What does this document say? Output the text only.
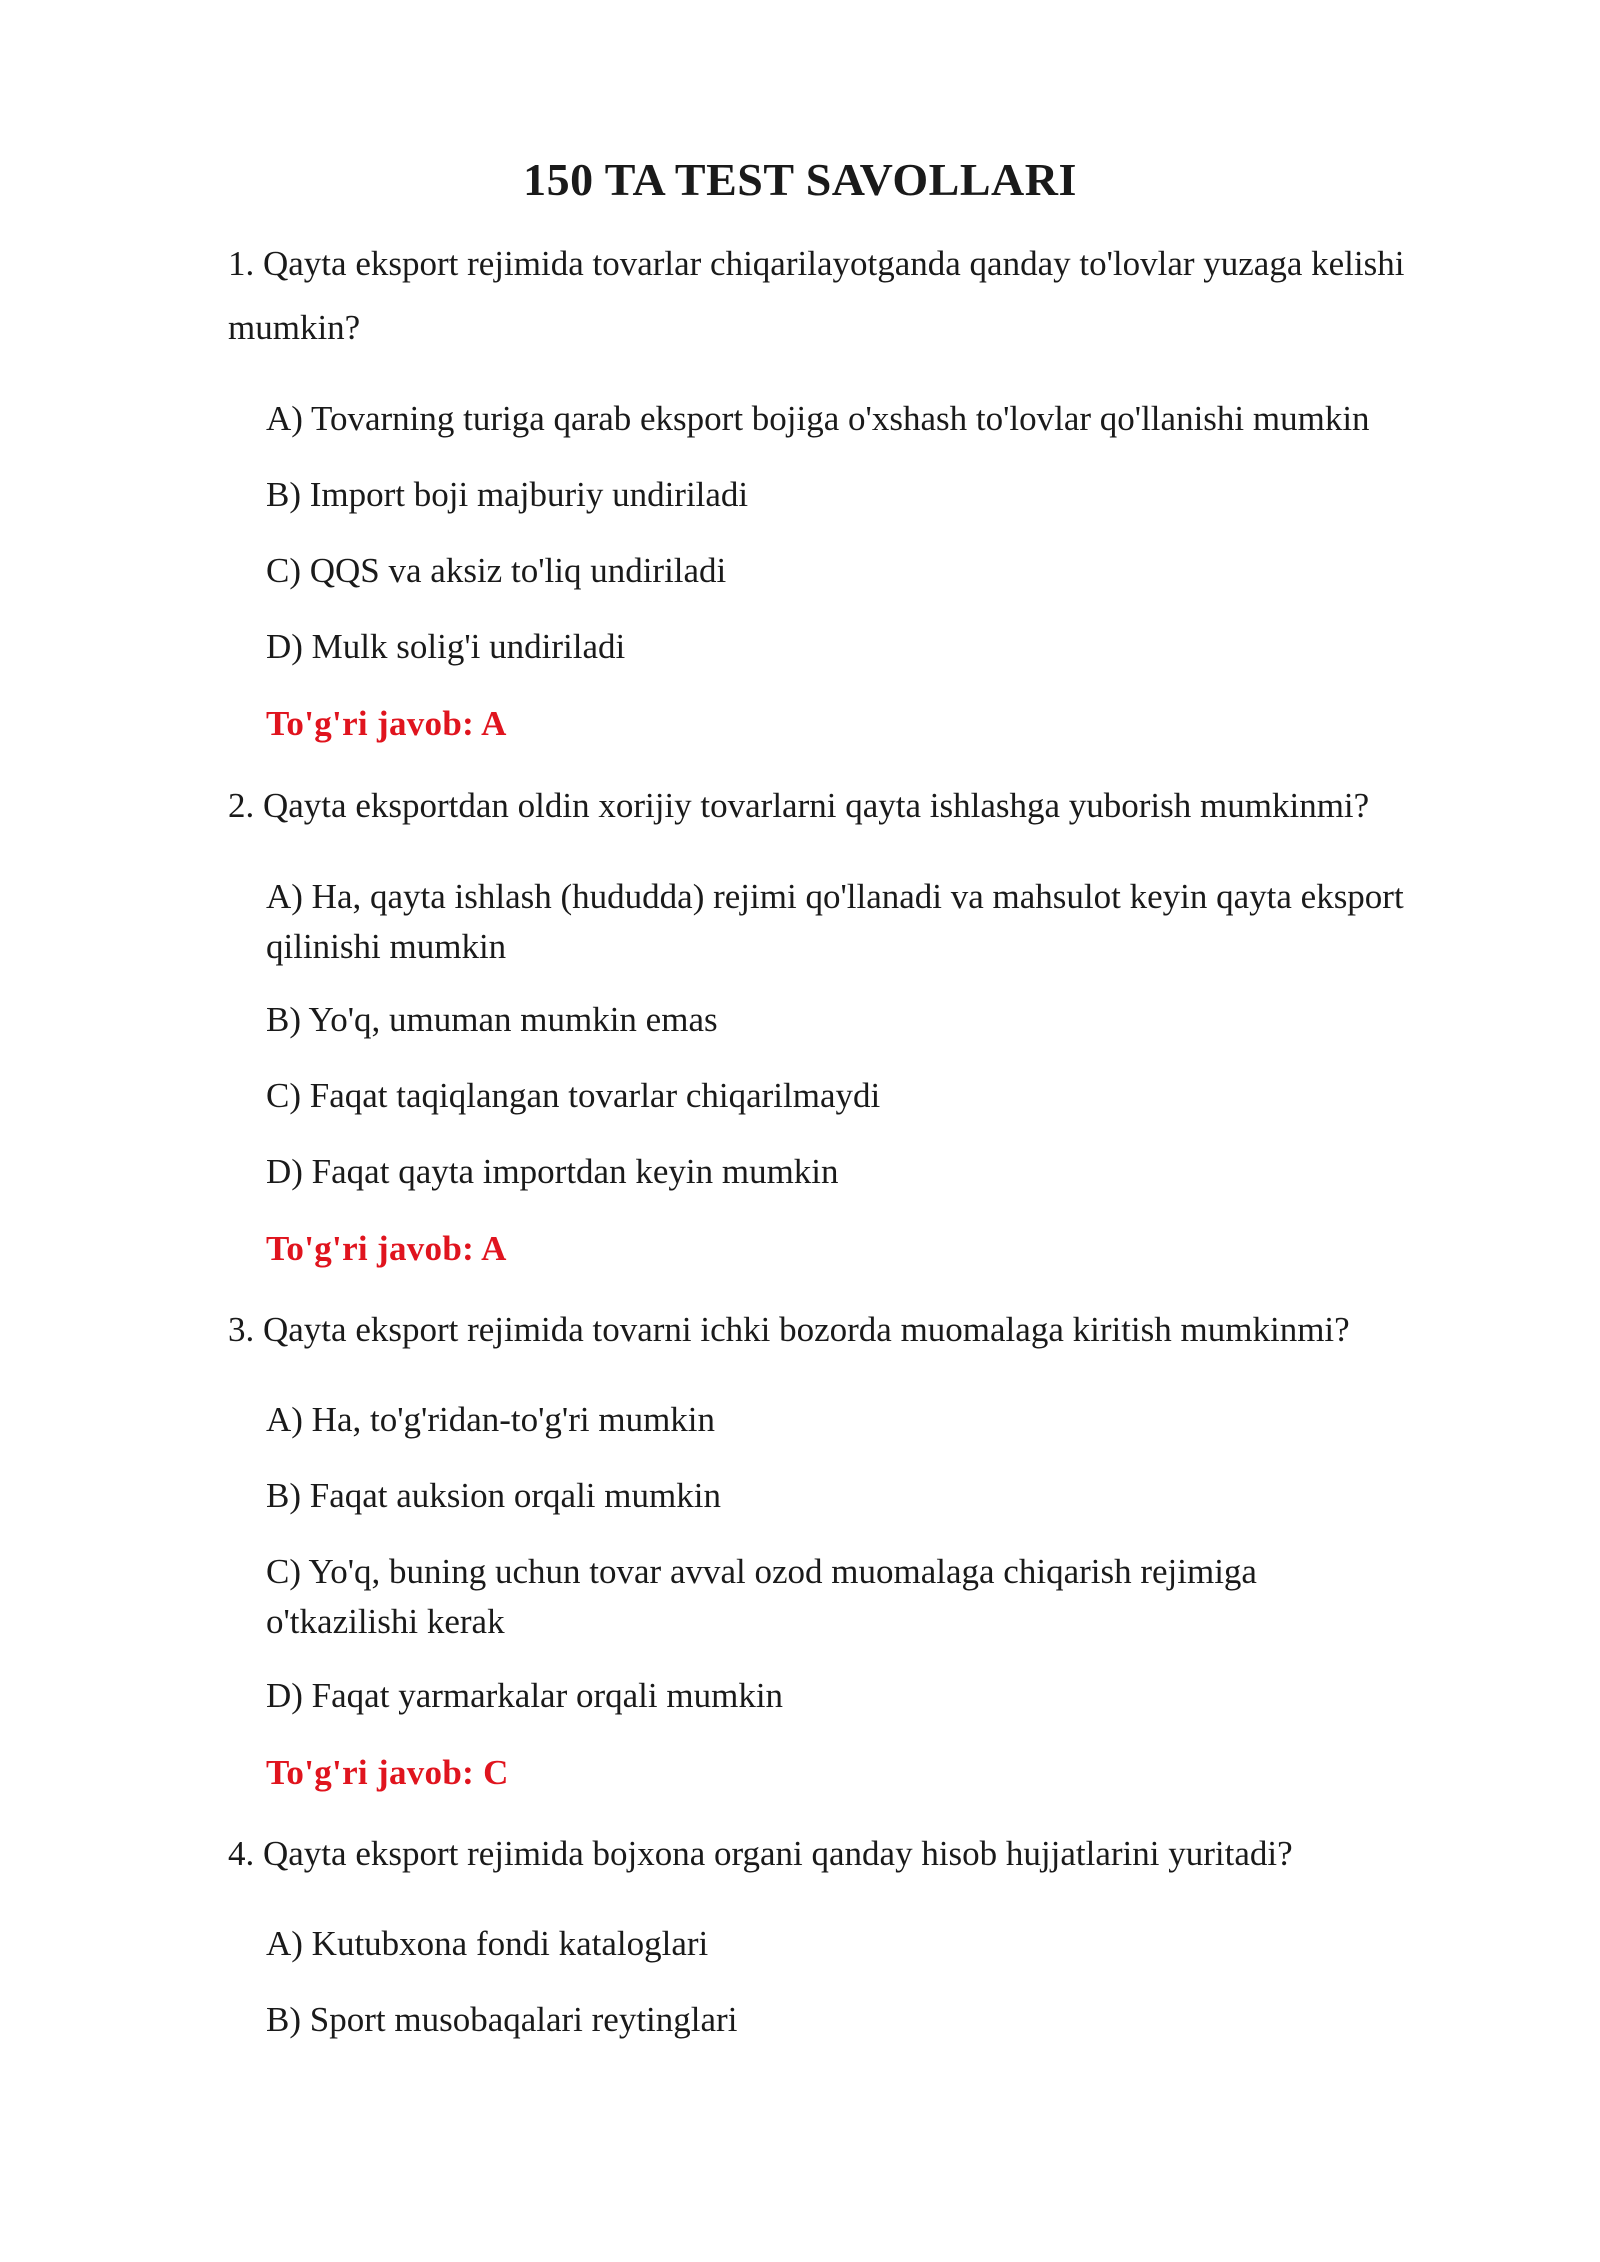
150 TA TEST SAVOLLARI
1. Qayta eksport rejimida tovarlar chiqarilayotganda qanday to'lovlar yuzaga kelishi mumkin?
A) Tovarning turiga qarab eksport bojiga o'xshash to'lovlar qo'llanishi mumkin
B) Import boji majburiy undiriladi
C) QQS va aksiz to'liq undiriladi
D) Mulk solig'i undiriladi
To'g'ri javob: A
2. Qayta eksportdan oldin xorijiy tovarlarni qayta ishlashga yuborish mumkinmi?
A) Ha, qayta ishlash (hududda) rejimi qo'llanadi va mahsulot keyin qayta eksport qilinishi mumkin
B) Yo'q, umuman mumkin emas
C) Faqat taqiqlangan tovarlar chiqarilmaydi
D) Faqat qayta importdan keyin mumkin
To'g'ri javob: A
3. Qayta eksport rejimida tovarni ichki bozorda muomalaga kiritish mumkinmi?
A) Ha, to'g'ridan-to'g'ri mumkin
B) Faqat auksion orqali mumkin
C) Yo'q, buning uchun tovar avval ozod muomalaga chiqarish rejimiga o'tkazilishi kerak
D) Faqat yarmarkalar orqali mumkin
To'g'ri javob: C
4. Qayta eksport rejimida bojxona organi qanday hisob hujjatlarini yuritadi?
A) Kutubxona fondi kataloglari
B) Sport musobaqalari reytinglari
